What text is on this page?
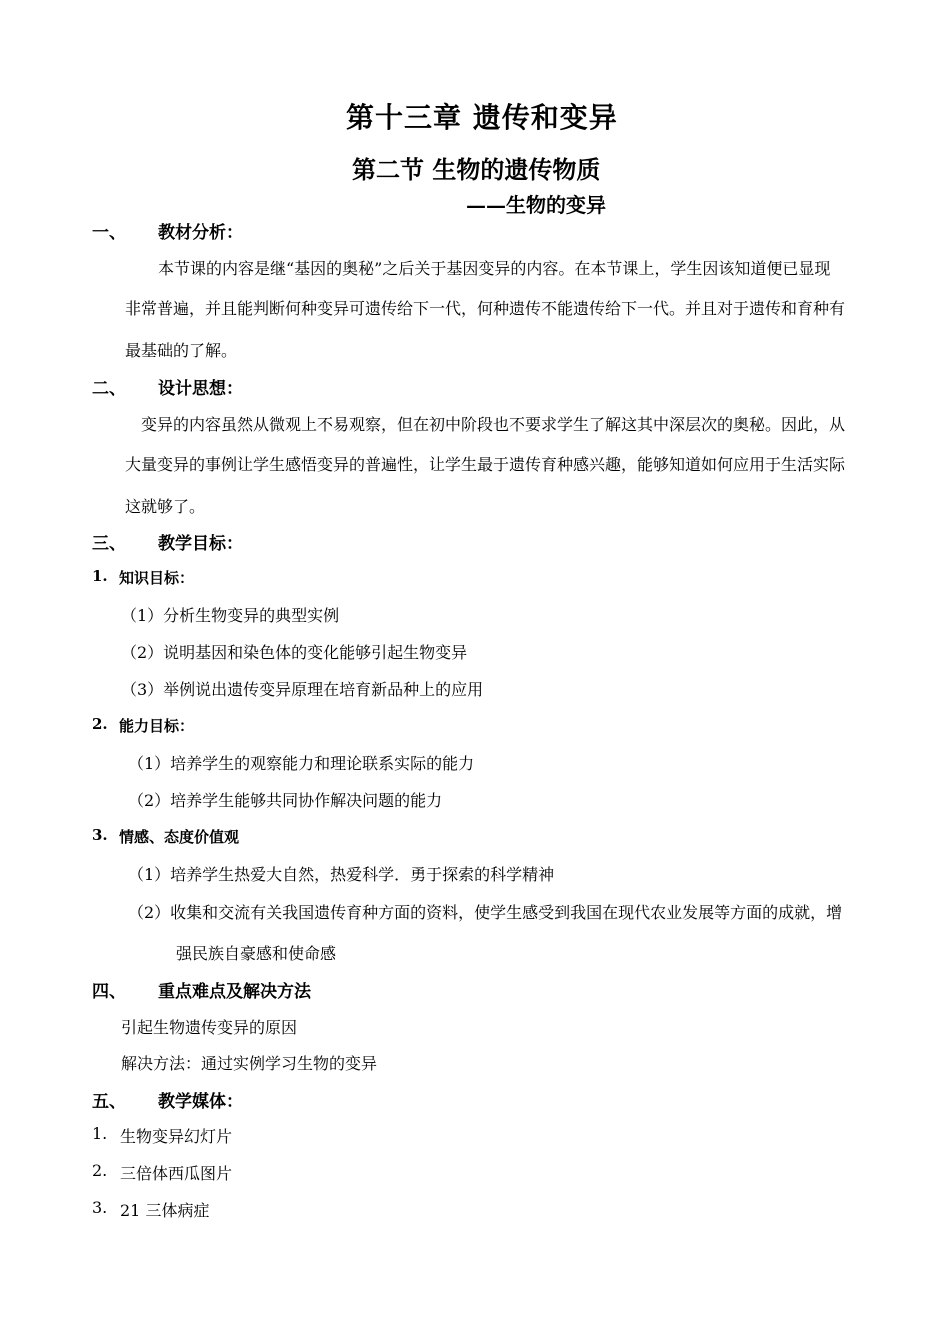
第十三章 遗传和变异
第二节 生物的遗传物质
——生物的变异
一、 教材分析：
本节课的内容是继“基因的奥秘”之后关于基因变异的内容。在本节课上，学生因该知道便已显现
非常普遍，并且能判断何种变异可遗传给下一代，何种遗传不能遗传给下一代。并且对于遗传和育种有
最基础的了解。
二、 设计思想：
变异的内容虽然从微观上不易观察，但在初中阶段也不要求学生了解这其中深层次的奥秘。因此，从
大量变异的事例让学生感悟变异的普遍性，让学生最于遗传育种感兴趣，能够知道如何应用于生活实际
这就够了。
三、 教学目标：
1. 知识目标：
（1）分析生物变异的典型实例
（2）说明基因和染色体的变化能够引起生物变异
（3）举例说出遗传变异原理在培育新品种上的应用
2. 能力目标：
（1）培养学生的观察能力和理论联系实际的能力
（2）培养学生能够共同协作解决问题的能力
3. 情感、态度价值观
（1）培养学生热爱大自然，热爱科学．勇于探索的科学精神
（2）收集和交流有关我国遗传育种方面的资料，使学生感受到我国在现代农业发展等方面的成就，增
强民族自豪感和使命感
四、 重点难点及解决方法
引起生物遗传变异的原因
解决方法：通过实例学习生物的变异
五、 教学媒体：
1. 生物变异幻灯片
2. 三倍体西瓜图片
3. 21 三体病症
